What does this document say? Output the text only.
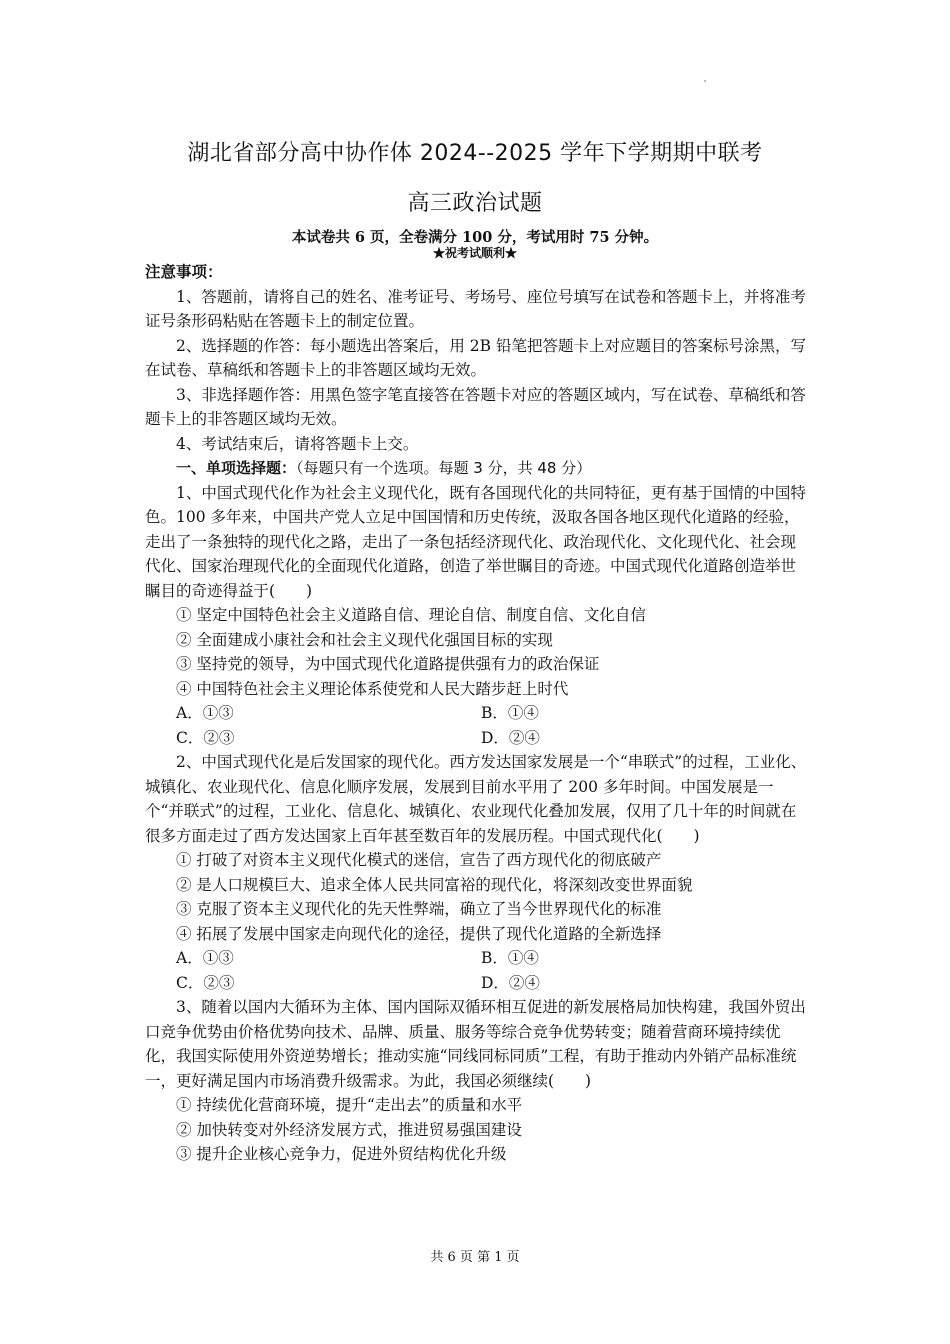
湖北省部分高中协作体 2024--2025 学年下学期期中联考
高三政治试题
本试卷共 6 页，全卷满分 100 分，考试用时 75 分钟。
★祝考试顺利★

注意事项：

1、答题前，请将自己的姓名、准考证号、考场号、座位号填写在试卷和答题卡上，并将准考证号条形码粘贴在答题卡上的制定位置。

2、选择题的作答：每小题选出答案后，用 2B 铅笔把答题卡上对应题目的答案标号涂黑，写在试卷、草稿纸和答题卡上的非答题区域均无效。

3、非选择题作答：用黑色签字笔直接答在答题卡对应的答题区域内，写在试卷、草稿纸和答题卡上的非答题区域均无效。

4、考试结束后，请将答题卡上交。

一、单项选择题：（每题只有一个选项。每题 3 分，共 48 分）

1、中国式现代化作为社会主义现代化，既有各国现代化的共同特征，更有基于国情的中国特色。100 多年来，中国共产党人立足中国国情和历史传统，汲取各国各地区现代化道路的经验，走出了一条独特的现代化之路，走出了一条包括经济现代化、政治现代化、文化现代化、社会现代化、国家治理现代化的全面现代化道路，创造了举世瞩目的奇迹。中国式现代化道路创造举世瞩目的奇迹得益于(　　)

① 坚定中国特色社会主义道路自信、理论自信、制度自信、文化自信

② 全面建成小康社会和社会主义现代化强国目标的实现

③ 坚持党的领导，为中国式现代化道路提供强有力的政治保证

④ 中国特色社会主义理论体系使党和人民大踏步赶上时代

A．①③	B．①④
C．②③	D．②④

2、中国式现代化是后发国家的现代化。西方发达国家发展是一个“串联式”的过程，工业化、城镇化、农业现代化、信息化顺序发展，发展到目前水平用了 200 多年时间。中国发展是一个“并联式”的过程，工业化、信息化、城镇化、农业现代化叠加发展，仅用了几十年的时间就在很多方面走过了西方发达国家上百年甚至数百年的发展历程。中国式现代化(　　)

① 打破了对资本主义现代化模式的迷信，宣告了西方现代化的彻底破产

② 是人口规模巨大、追求全体人民共同富裕的现代化，将深刻改变世界面貌

③ 克服了资本主义现代化的先天性弊端，确立了当今世界现代化的标准

④ 拓展了发展中国家走向现代化的途径，提供了现代化道路的全新选择

A．①③	B．①④
C．②③	D．②④

3、随着以国内大循环为主体、国内国际双循环相互促进的新发展格局加快构建，我国外贸出口竞争优势由价格优势向技术、品牌、质量、服务等综合竞争优势转变；随着营商环境持续优化，我国实际使用外资逆势增长；推动实施“同线同标同质”工程，有助于推动内外销产品标准统一，更好满足国内市场消费升级需求。为此，我国必须继续(　　)

① 持续优化营商环境，提升“走出去”的质量和水平

② 加快转变对外经济发展方式，推进贸易强国建设

③ 提升企业核心竞争力，促进外贸结构优化升级

共 6 页 第 1 页
